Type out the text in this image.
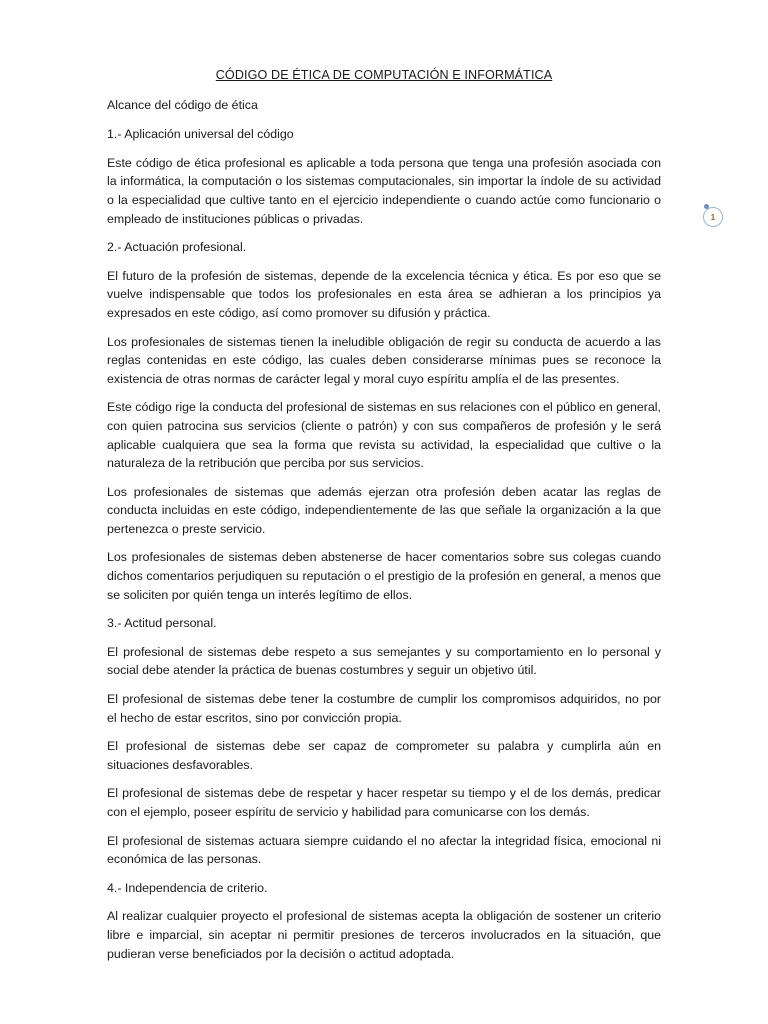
CÓDIGO DE ÉTICA DE COMPUTACIÓN E INFORMÁTICA
Alcance del código de ética
1.- Aplicación universal del código

Este código de ética profesional es aplicable a toda persona que tenga una profesión asociada con la informática, la computación o los sistemas computacionales, sin importar la índole de su actividad o la especialidad que cultive tanto en el ejercicio independiente o cuando actúe como funcionario o empleado de instituciones públicas o privadas.

2.- Actuación profesional.

El futuro de la profesión de sistemas, depende de la excelencia técnica y ética. Es por eso que se vuelve indispensable que todos los profesionales en esta área se adhieran a los principios ya expresados en este código, así como promover su difusión y práctica.

Los profesionales de sistemas tienen la ineludible obligación de regir su conducta de acuerdo a las reglas contenidas en este código, las cuales deben considerarse mínimas pues se reconoce la existencia de otras normas de carácter legal y moral cuyo espíritu amplía el de las presentes.

Este código rige la conducta del profesional de sistemas en sus relaciones con el público en general, con quien patrocina sus servicios (cliente o patrón) y con sus compañeros de profesión y le será aplicable cualquiera que sea la forma que revista su actividad, la especialidad que cultive o la naturaleza de la retribución que perciba por sus servicios.

Los profesionales de sistemas que además ejerzan otra profesión deben acatar las reglas de conducta incluidas en este código, independientemente de las que señale la organización a la que pertenezca o preste servicio.

Los profesionales de sistemas deben abstenerse de hacer comentarios sobre sus colegas cuando dichos comentarios perjudiquen su reputación o el prestigio de la profesión en general, a menos que se soliciten por quién tenga un interés legítimo de ellos.

3.- Actitud personal.

El profesional de sistemas debe respeto a sus semejantes y su comportamiento en lo personal y social debe atender la práctica de buenas costumbres y seguir un objetivo útil.

El profesional de sistemas debe tener la costumbre de cumplir los compromisos adquiridos, no por el hecho de estar escritos, sino por convicción propia.

El profesional de sistemas debe ser capaz de comprometer su palabra y cumplirla aún en situaciones desfavorables.

El profesional de sistemas debe de respetar y hacer respetar su tiempo y el de los demás, predicar con el ejemplo, poseer espíritu de servicio y habilidad para comunicarse con los demás.

El profesional de sistemas actuara siempre cuidando el no afectar la integridad física, emocional ni económica de las personas.

4.- Independencia de criterio.

Al realizar cualquier proyecto el profesional de sistemas acepta la obligación de sostener un criterio libre e imparcial, sin aceptar ni permitir presiones de terceros involucrados en la situación, que pudieran verse beneficiados por la decisión o actitud adoptada.

1
